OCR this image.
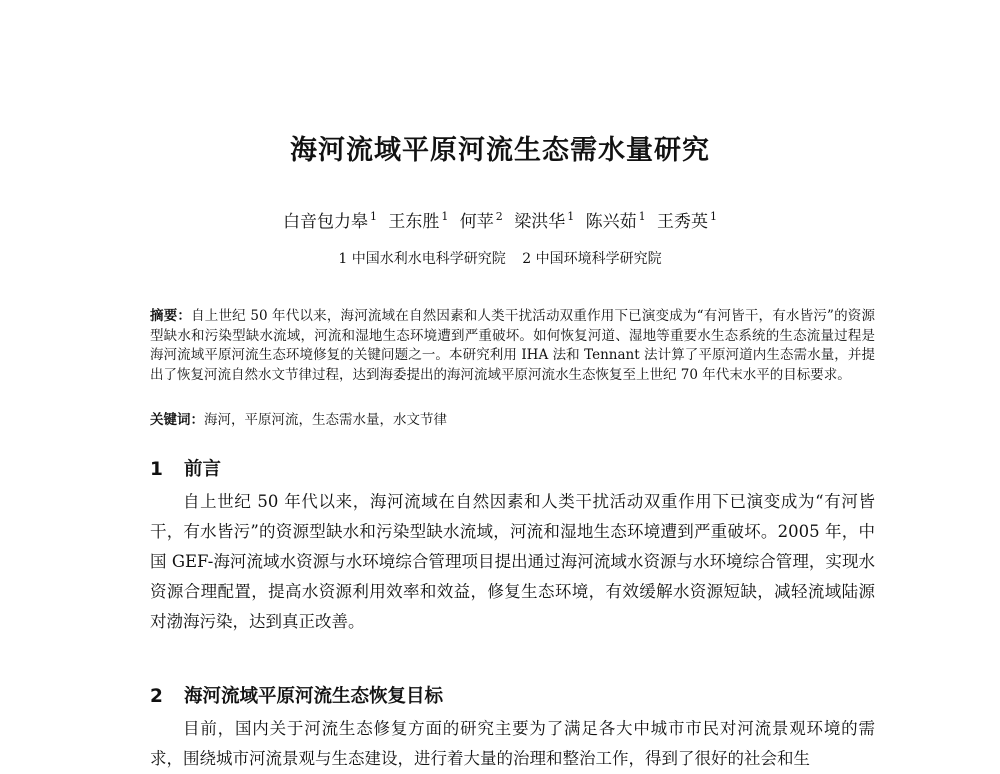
海河流域平原河流生态需水量研究
白音包力皋 $^1$ 王东胜 $^1$ 何苹 $^2$ 梁洪华 $^1$ 陈兴茹 $^1$ 王秀英 $^1$
1 中国水利水电科学研究院 2 中国环境科学研究院
摘要：自上世纪 50 年代以来，海河流域在自然因素和人类干扰活动双重作用下已演变成为“有河皆干，有水皆污”的资源型缺水和污染型缺水流域，河流和湿地生态环境遭到严重破坏。如何恢复河道、湿地等重要水生态系统的生态流量过程是海河流域平原河流生态环境修复的关键问题之一。本研究利用 IHA 法和 Tennant 法计算了平原河道内生态需水量，并提出了恢复河流自然水文节律过程，达到海委提出的海河流域平原河流水生态恢复至上世纪 70 年代末水平的目标要求。
关键词：海河，平原河流，生态需水量，水文节律
1 前言
自上世纪 50 年代以来，海河流域在自然因素和人类干扰活动双重作用下已演变成为“有河皆干，有水皆污”的资源型缺水和污染型缺水流域，河流和湿地生态环境遭到严重破坏。2005 年，中国 GEF-海河流域水资源与水环境综合管理项目提出通过海河流域水资源与水环境综合管理，实现水资源合理配置，提高水资源利用效率和效益，修复生态环境，有效缓解水资源短缺，减轻流域陆源对渤海污染，达到真正改善。
2 海河流域平原河流生态恢复目标
目前，国内关于河流生态修复方面的研究主要为了满足各大中城市市民对河流景观环境的需求，围绕城市河流景观与生态建设，进行着大量的治理和整治工作，得到了很好的社会和生
